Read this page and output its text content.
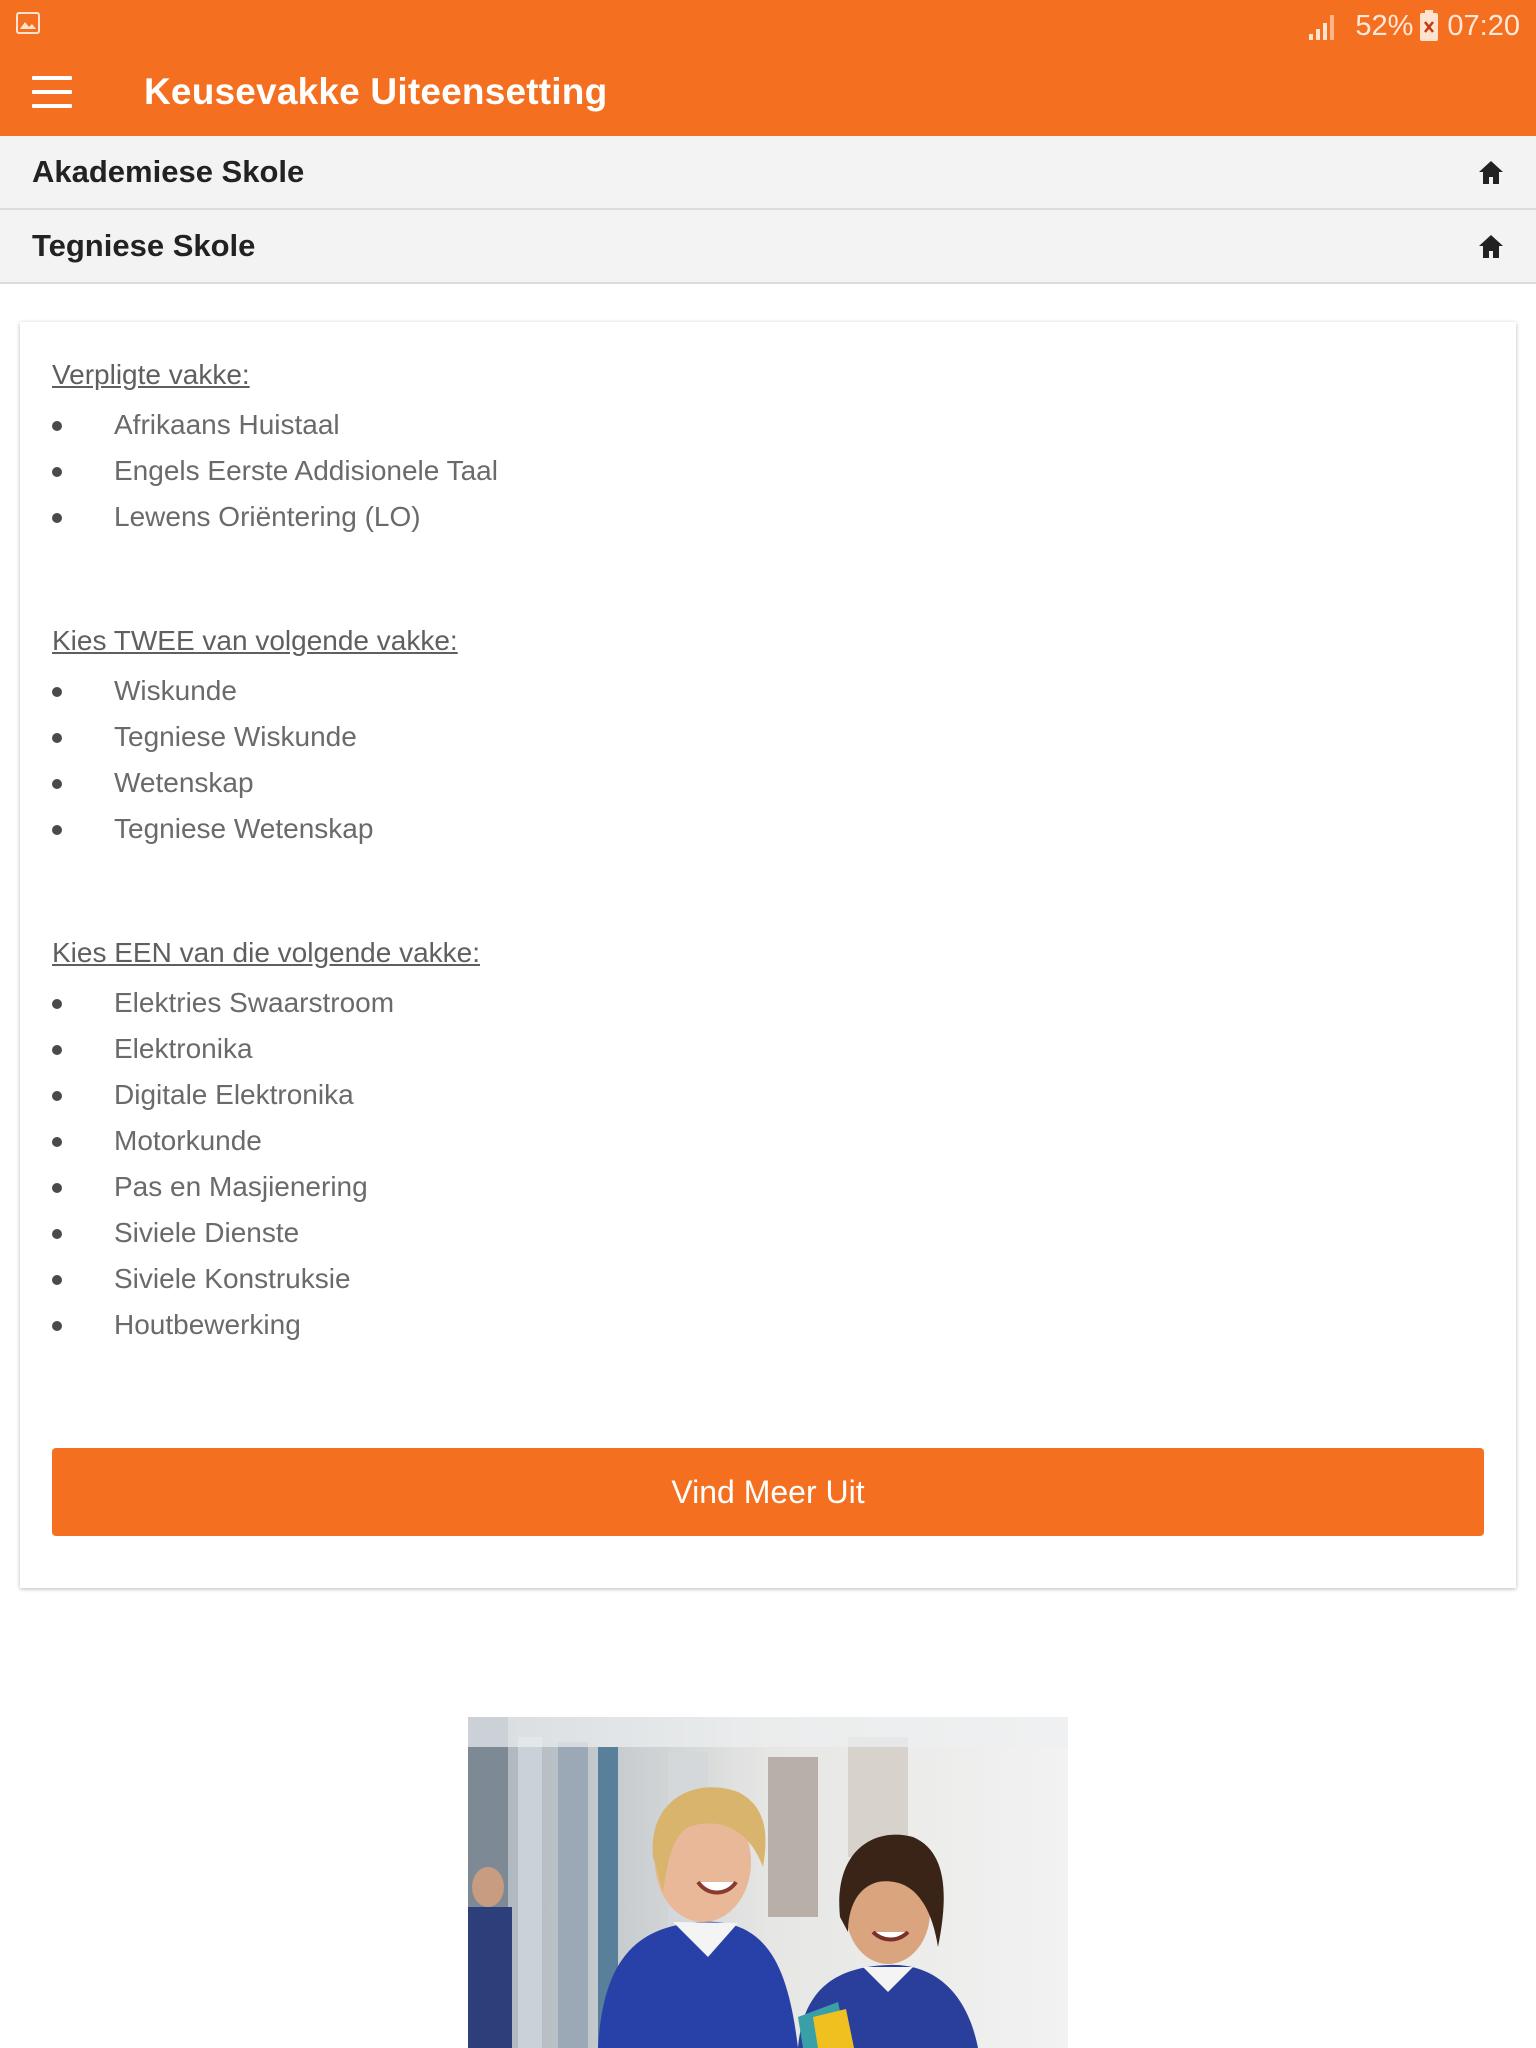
52% 07:20
Keusevakke Uiteensetting
Akademiese Skole
Tegniese Skole
Verpligte vakke:
Afrikaans Huistaal
Engels Eerste Addisionele Taal
Lewens Oriëntering (LO)
Kies TWEE van volgende vakke:
Wiskunde
Tegniese Wiskunde
Wetenskap
Tegniese Wetenskap
Kies EEN van die volgende vakke:
Elektries Swaarstroom
Elektronika
Digitale Elektronika
Motorkunde
Pas en Masjienering
Siviele Dienste
Siviele Konstruksie
Houtbewerking
Vind Meer Uit
